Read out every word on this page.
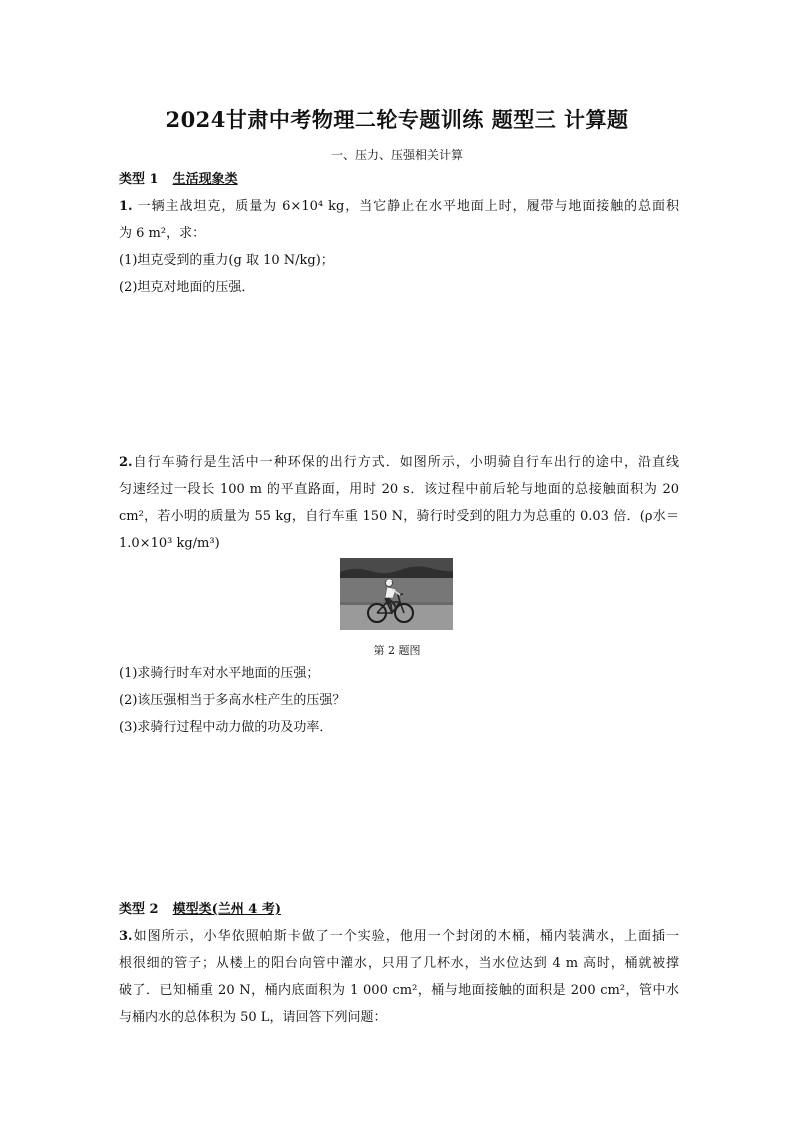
2024甘肃中考物理二轮专题训练 题型三 计算题
一、压力、压强相关计算

类型 1 生活现象类

1. 一辆主战坦克，质量为 6×10⁴ kg，当它静止在水平地面上时，履带与地面接触的总面积

为 6 m²，求：

(1)坦克受到的重力(g 取 10 N/kg)；

(2)坦克对地面的压强．

2.自行车骑行是生活中一种环保的出行方式．如图所示，小明骑自行车出行的途中，沿直线

匀速经过一段长 100 m 的平直路面，用时 20 s．该过程中前后轮与地面的总接触面积为 20

cm²，若小明的质量为 55 kg，自行车重 150 N，骑行时受到的阻力为总重的 0.03 倍．(ρ水＝

1.0×10³ kg/m³)

第 2 题图

(1)求骑行时车对水平地面的压强；

(2)该压强相当于多高水柱产生的压强？

(3)求骑行过程中动力做的功及功率．

类型 2 模型类(兰州 4 考)

3.如图所示，小华依照帕斯卡做了一个实验，他用一个封闭的木桶，桶内装满水，上面插一

根很细的管子；从楼上的阳台向管中灌水，只用了几杯水，当水位达到 4 m 高时，桶就被撑

破了．已知桶重 20 N，桶内底面积为 1 000 cm²，桶与地面接触的面积是 200 cm²，管中水

与桶内水的总体积为 50 L，请回答下列问题：
